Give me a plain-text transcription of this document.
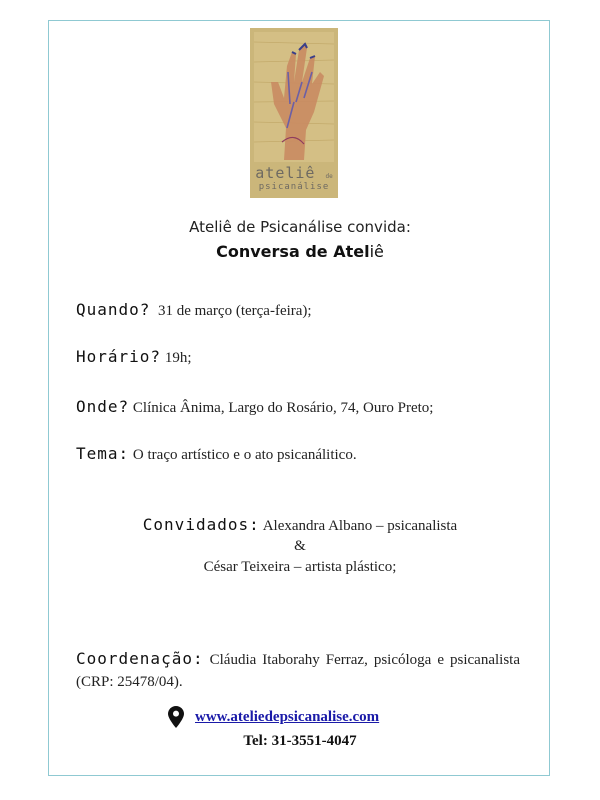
ateliê de
psicanálise
Ateliê de Psicanálise convida:
Conversa de Ateliê
Quando? 31 de março (terça-feira);
Horário? 19h;
Onde? Clínica Ânima, Largo do Rosário, 74, Ouro Preto;
Tema: O traço artístico e o ato psicanálitico.
Convidados: Alexandra Albano – psicanalista
&
César Teixeira – artista plástico;
Coordenação: Cláudia Itaborahy Ferraz, psicóloga e psicanalista (CRP: 25478/04).
www.ateliedepsicanalise.com
Tel: 31-3551-4047
